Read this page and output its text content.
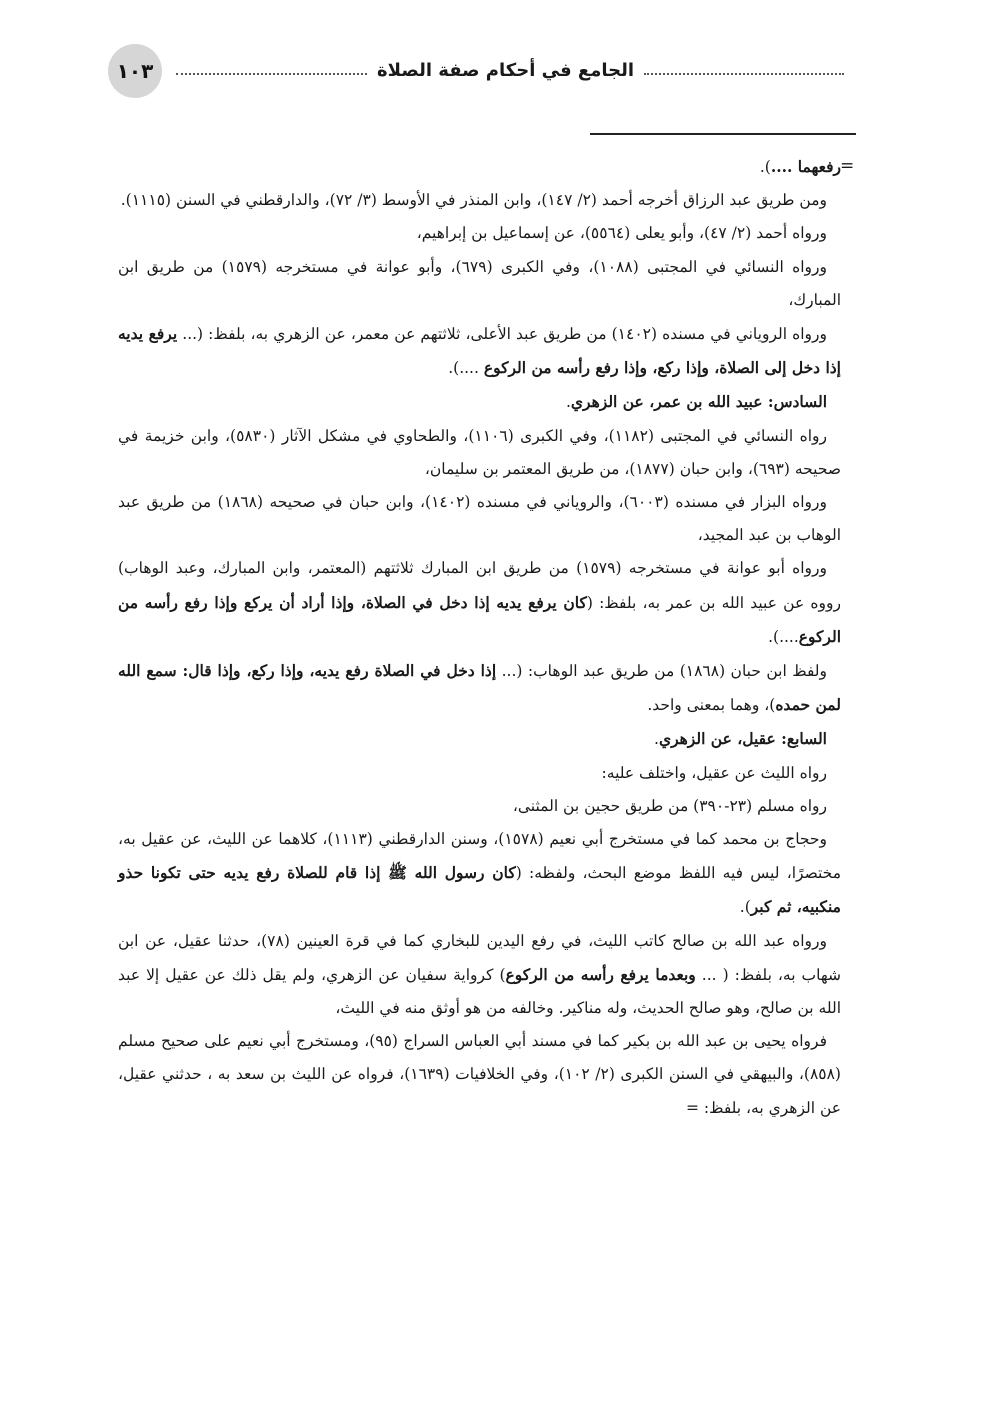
١٠٣	الجامع في أحكام صفة الصلاة
=

رفعهما ....).

ومن طريق عبد الرزاق أخرجه أحمد (٢/ ١٤٧)، وابن المنذر في الأوسط (٣/ ٧٢)، والدارقطني في السنن (١١١٥).

ورواه أحمد (٢/ ٤٧)، وأبو يعلى (٥٥٦٤)، عن إسماعيل بن إبراهيم،

ورواه النسائي في المجتبى (١٠٨٨)، وفي الكبرى (٦٧٩)، وأبو عوانة في مستخرجه (١٥٧٩) من طريق ابن المبارك،

ورواه الروياني في مسنده (١٤٠٢) من طريق عبد الأعلى، ثلاثتهم عن معمر، عن الزهري به، بلفظ: (... يرفع يديه إذا دخل إلى الصلاة، وإذا ركع، وإذا رفع رأسه من الركوع ....).

السادس: عبيد الله بن عمر، عن الزهري.

رواه النسائي في المجتبى (١١٨٢)، وفي الكبرى (١١٠٦)، والطحاوي في مشكل الآثار (٥٨٣٠)، وابن خزيمة في صحيحه (٦٩٣)، وابن حبان (١٨٧٧)، من طريق المعتمر بن سليمان،

ورواه البزار في مسنده (٦٠٠٣)، والروياني في مسنده (١٤٠٢)، وابن حبان في صحيحه (١٨٦٨) من طريق عبد الوهاب بن عبد المجيد،

ورواه أبو عوانة في مستخرجه (١٥٧٩) من طريق ابن المبارك ثلاثتهم (المعتمر، وابن المبارك، وعبد الوهاب) رووه عن عبيد الله بن عمر به، بلفظ: (كان يرفع يديه إذا دخل في الصلاة، وإذا أراد أن يركع وإذا رفع رأسه من الركوع....).

ولفظ ابن حبان (١٨٦٨) من طريق عبد الوهاب: (... إذا دخل في الصلاة رفع يديه، وإذا ركع، وإذا قال: سمع الله لمن حمده)، وهما بمعنى واحد.

السابع: عقيل، عن الزهري.

رواه الليث عن عقيل، واختلف عليه:

رواه مسلم (٢٣-٣٩٠) من طريق حجين بن المثنى،

وحجاج بن محمد كما في مستخرج أبي نعيم (١٥٧٨)، وسنن الدارقطني (١١١٣)، كلاهما عن الليث، عن عقيل به، مختصرًا، ليس فيه اللفظ موضع البحث، ولفظه: (كان رسول الله ﷺ إذا قام للصلاة رفع يديه حتى تكونا حذو منكبيه، ثم كبر).

ورواه عبد الله بن صالح كاتب الليث، في رفع اليدين للبخاري كما في قرة العينين (٧٨)، حدثنا عقيل، عن ابن شهاب به، بلفظ: ( ... وبعدما يرفع رأسه من الركوع) كرواية سفيان عن الزهري، ولم يقل ذلك عن عقيل إلا عبد الله بن صالح، وهو صالح الحديث، وله مناكير. وخالفه من هو أوثق منه في الليث،

فرواه يحيى بن عبد الله بن بكير كما في مسند أبي العباس السراج (٩٥)، ومستخرج أبي نعيم على صحيح مسلم (٨٥٨)، والبيهقي في السنن الكبرى (٢/ ١٠٢)، وفي الخلافيات (١٦٣٩)، فرواه عن الليث بن سعد به ، حدثني عقيل، عن الزهري به، بلفظ: =
